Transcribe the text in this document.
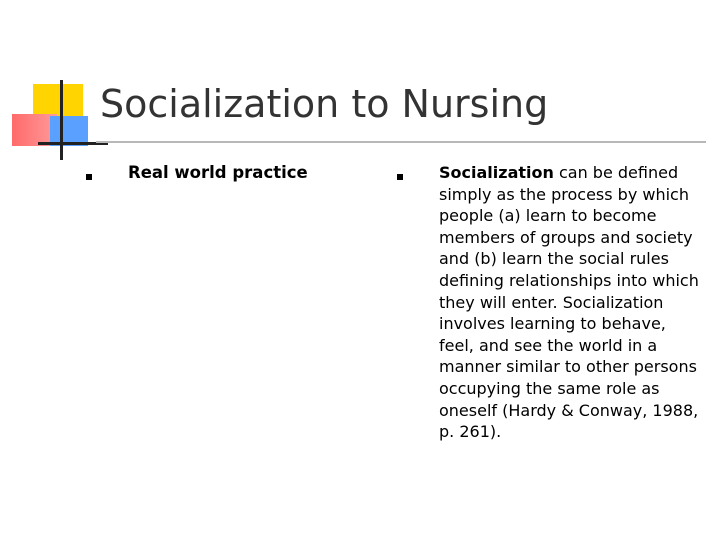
Socialization to Nursing
Real world practice	Socialization can be defined simply as the process by which people (a) learn to become members of groups and society and (b) learn the social rules defining relationships into which they will enter. Socialization involves learning to behave, feel, and see the world in a manner similar to other persons occupying the same role as oneself (Hardy & Conway, 1988, p. 261).
